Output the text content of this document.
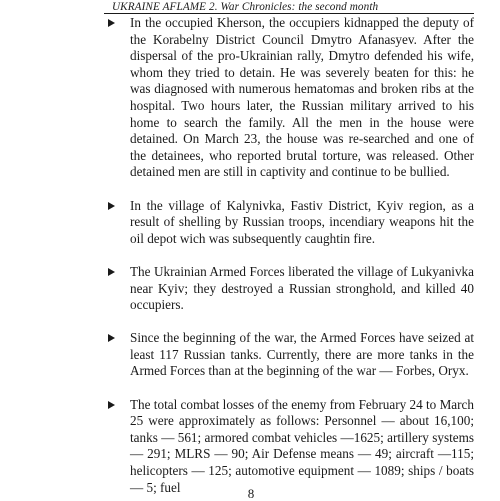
UKRAINE AFLAME 2. War Chronicles: the second month
In the occupied Kherson, the occupiers kidnapped the deputy of the Korabelny District Council Dmytro Afanasyev. After the dispersal of the pro-Ukrainian rally, Dmytro defended his wife, whom they tried to detain. He was severely beaten for this: he was diagnosed with numerous hematomas and broken ribs at the hospital. Two hours later, the Russian military arrived to his home to search the family. All the men in the house were detained. On March 23, the house was re-searched and one of the detainees, who reported brutal torture, was released. Other detained men are still in captivity and continue to be bullied.
In the village of Kalynivka, Fastiv District, Kyiv region, as a result of shelling by Russian troops, incendiary weapons hit the oil depot wich was subsequently caughtin fire.
The Ukrainian Armed Forces liberated the village of Lukyanivka near Kyiv; they destroyed a Russian stronghold, and killed 40 occupiers.
Since the beginning of the war, the Armed Forces have seized at least 117 Russian tanks. Currently, there are more tanks in the Armed Forces than at the beginning of the war — Forbes, Oryx.
The total combat losses of the enemy from February 24 to March 25 were approximately as follows: Personnel — about 16,100; tanks — 561; armored combat vehicles —1625; artillery systems — 291; MLRS — 90; Air Defense means — 49; aircraft —115; helicopters — 125; automotive equipment — 1089; ships / boats — 5; fuel	8
